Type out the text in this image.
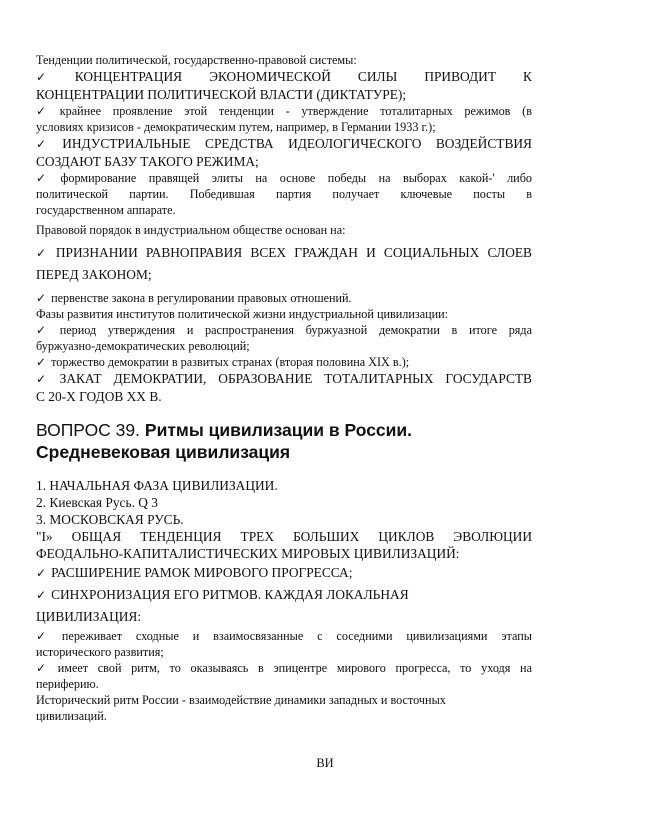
Тенденции политической, государственно-правовой системы:

✓ КОНЦЕНТРАЦИЯ ЭКОНОМИЧЕСКОЙ СИЛЫ ПРИВОДИТ К

КОНЦЕНТРАЦИИ ПОЛИТИЧЕСКОЙ ВЛАСТИ (ДИКТАТУРЕ);

✓ крайнее проявление этой тенденции - утверждение тоталитарных режимов (в

условиях кризисов - демократическим путем, например, в Германии 1933 г.);

✓ ИНДУСТРИАЛЬНЫЕ СРЕДСТВА ИДЕОЛОГИЧЕСКОГО ВОЗДЕЙСТВИЯ

СОЗДАЮТ БАЗУ ТАКОГО РЕЖИМА;

✓ формирование правящей элиты на основе победы на выборах какой-' либо

политической партии. Победившая партия получает ключевые посты в

государственном аппарате.

Правовой порядок в индустриальном обществе основан на:

✓ ПРИЗНАНИИ РАВНОПРАВИЯ ВСЕХ ГРАЖДАН И СОЦИАЛЬНЫХ СЛОЕВ

ПЕРЕД ЗАКОНОМ;

✓ первенстве закона в регулировании правовых отношений.

Фазы развития институтов политической жизни индустриальной цивилизации:

✓ период утверждения и распространения буржуазной демократии в итоге ряда

буржуазно-демократических революций;

✓ торжество демократии в развитых странах (вторая половина XIX в.);

✓ ЗАКАТ ДЕМОКРАТИИ, ОБРАЗОВАНИЕ ТОТАЛИТАРНЫХ ГОСУДАРСТВ

С 20-Х ГОДОВ XX В.

ВОПРОС 39. Ритмы цивилизации в России.
Средневековая цивилизация

1. НАЧАЛЬНАЯ ФАЗА ЦИВИЛИЗАЦИИ.

2. Киевская Русь. Q 3

3. МОСКОВСКАЯ РУСЬ.

"I» ОБЩАЯ ТЕНДЕНЦИЯ ТРЕХ БОЛЬШИХ ЦИКЛОВ ЭВОЛЮЦИИ

ФЕОДАЛЬНО-КАПИТАЛИСТИЧЕСКИХ МИРОВЫХ ЦИВИЛИЗАЦИЙ:

✓ РАСШИРЕНИЕ РАМОК МИРОВОГО ПРОГРЕССА;

✓ СИНХРОНИЗАЦИЯ ЕГО РИТМОВ. КАЖДАЯ ЛОКАЛЬНАЯ

ЦИВИЛИЗАЦИЯ:

✓ переживает сходные и взаимосвязанные с соседними цивилизациями этапы

исторического развития;

✓ имеет свой ритм, то оказываясь в эпицентре мирового прогресса, то уходя на

периферию.

Исторический ритм России - взаимодействие динамики западных и восточных

цивилизаций.

ВИ
